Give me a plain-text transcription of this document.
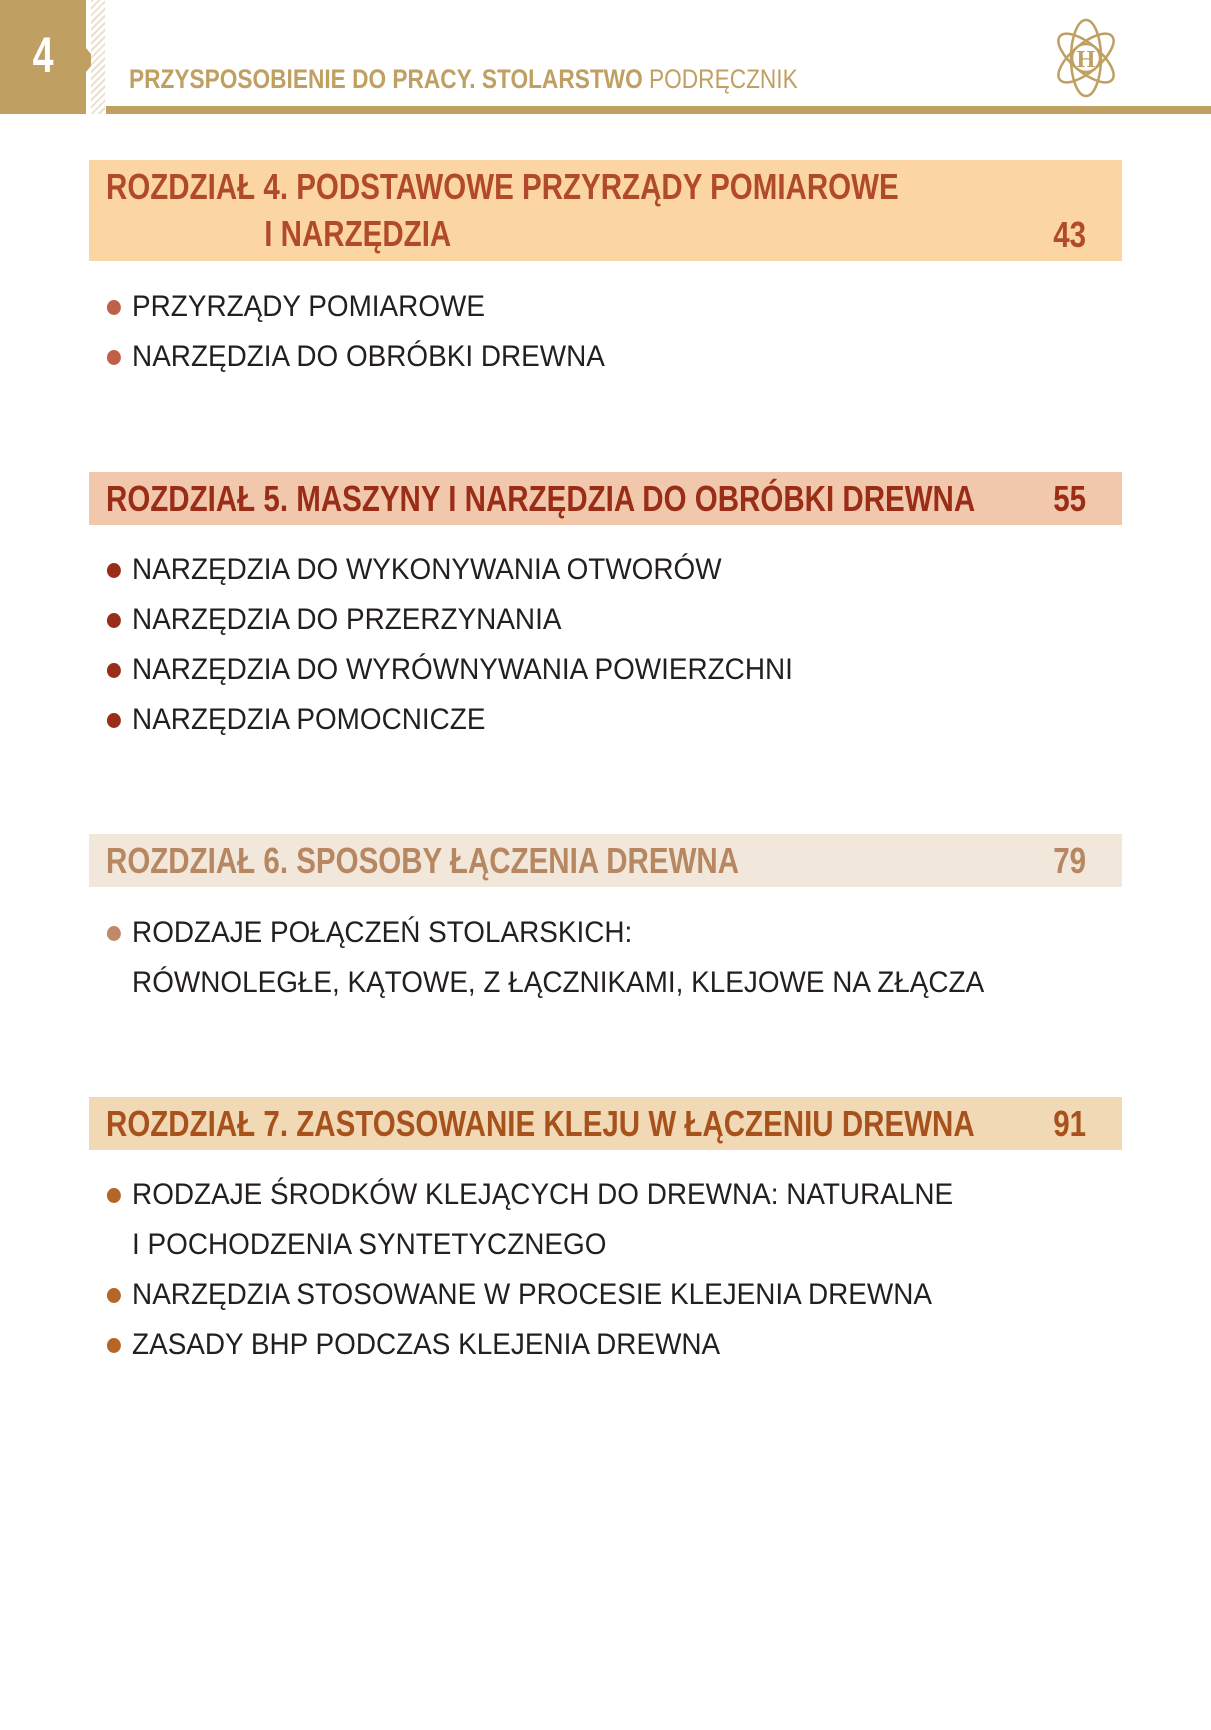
4	PRZYSPOSOBIENIE DO PRACY. STOLARSTWO PODRĘCZNIK
H
ROZDZIAŁ 4. PODSTAWOWE PRZYRZĄDY POMIAROWE
I NARZĘDZIA	43
PRZYRZĄDY POMIAROWE
NARZĘDZIA DO OBRÓBKI DREWNA
ROZDZIAŁ 5. MASZYNY I NARZĘDZIA DO OBRÓBKI DREWNA 55
NARZĘDZIA DO WYKONYWANIA OTWORÓW
NARZĘDZIA DO PRZERZYNANIA
NARZĘDZIA DO WYRÓWNYWANIA POWIERZCHNI
NARZĘDZIA POMOCNICZE
ROZDZIAŁ 6. SPOSOBY ŁĄCZENIA DREWNA	79
RODZAJE POŁĄCZEŃ STOLARSKICH:
RÓWNOLEGŁE, KĄTOWE, Z ŁĄCZNIKAMI, KLEJOWE NA ZŁĄCZA
ROZDZIAŁ 7. ZASTOSOWANIE KLEJU W ŁĄCZENIU DREWNA 91
RODZAJE ŚRODKÓW KLEJĄCYCH DO DREWNA: NATURALNE
I POCHODZENIA SYNTETYCZNEGO
NARZĘDZIA STOSOWANE W PROCESIE KLEJENIA DREWNA
ZASADY BHP PODCZAS KLEJENIA DREWNA
